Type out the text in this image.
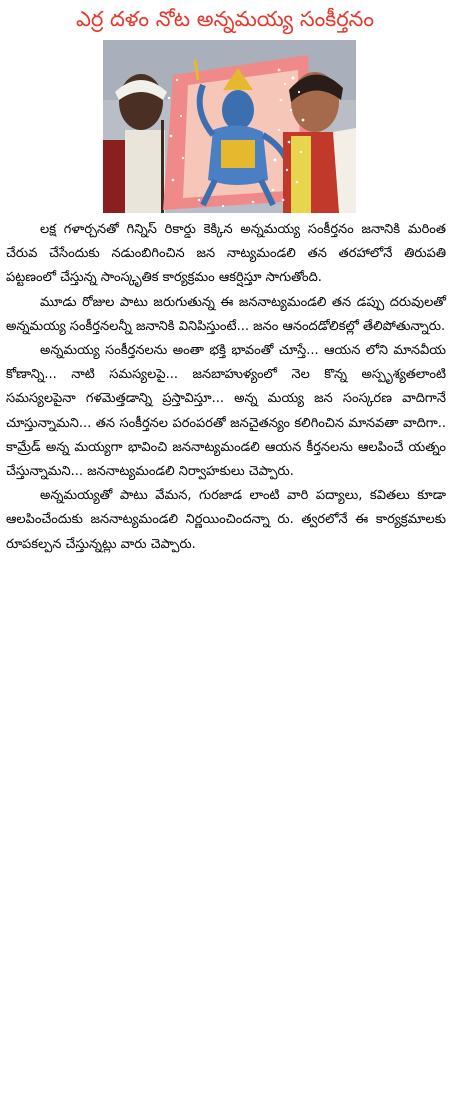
ఎర్ర దళం నోట అన్నమయ్య సంకీర్తనం

లక్ష గళార్చనతో గిన్నిస్ రికార్డు కెక్కిన అన్నమయ్య సంకీర్తనం జనానికి మరింత చేరువ చేసేందుకు నడుంబిగించిన జన నాట్యమండలి తన తరహాలోనే తిరుపతి పట్టణంలో చేస్తున్న సాంస్కృతిక కార్యక్రమం ఆకర్షిస్తూ సాగుతోంది.

మూడు రోజుల పాటు జరుగుతున్న ఈ జననాట్యమండలి తన డప్పు దరువులతో అన్నమయ్య సంకీర్తనలన్నీ జనానికి వినిపిస్తుంటే... జనం ఆనందడోలికల్లో తేలిపోతున్నారు.

అన్నమయ్య సంకీర్తనలను అంతా భక్తి భావంతో చూస్తే... ఆయన లోని మానవీయ కోణాన్ని... నాటి సమస్యలపై... జనబాహుళ్యంలో నెల కొన్న అస్పృశ్యతలాంటి సమస్యలపైనా గళమెత్తడాన్ని ప్రస్తావిస్తూ... అన్న మయ్య జన సంస్కరణ వాదిగానే చూస్తున్నామని... తన సంకీర్తనల పరంపరతో జనచైతన్యం కలిగించిన మానవతా వాదిగా.. కామ్రేడ్ అన్న మయ్యగా భావించి జననాట్యమండలి ఆయన కీర్తనలను ఆలపించే యత్నం చేస్తున్నామని... జననాట్యమండలి నిర్వాహకులు చెప్పారు.

అన్నమయ్యతో పాటు వేమన, గురజాడ లాంటి వారి పద్యాలు, కవితలు కూడా ఆలపించేందుకు జననాట్యమండలి నిర్ణయించిందన్నా రు. త్వరలోనే ఈ కార్యక్రమాలకు రూపకల్పన చేస్తున్నట్లు వారు చెప్పారు.
